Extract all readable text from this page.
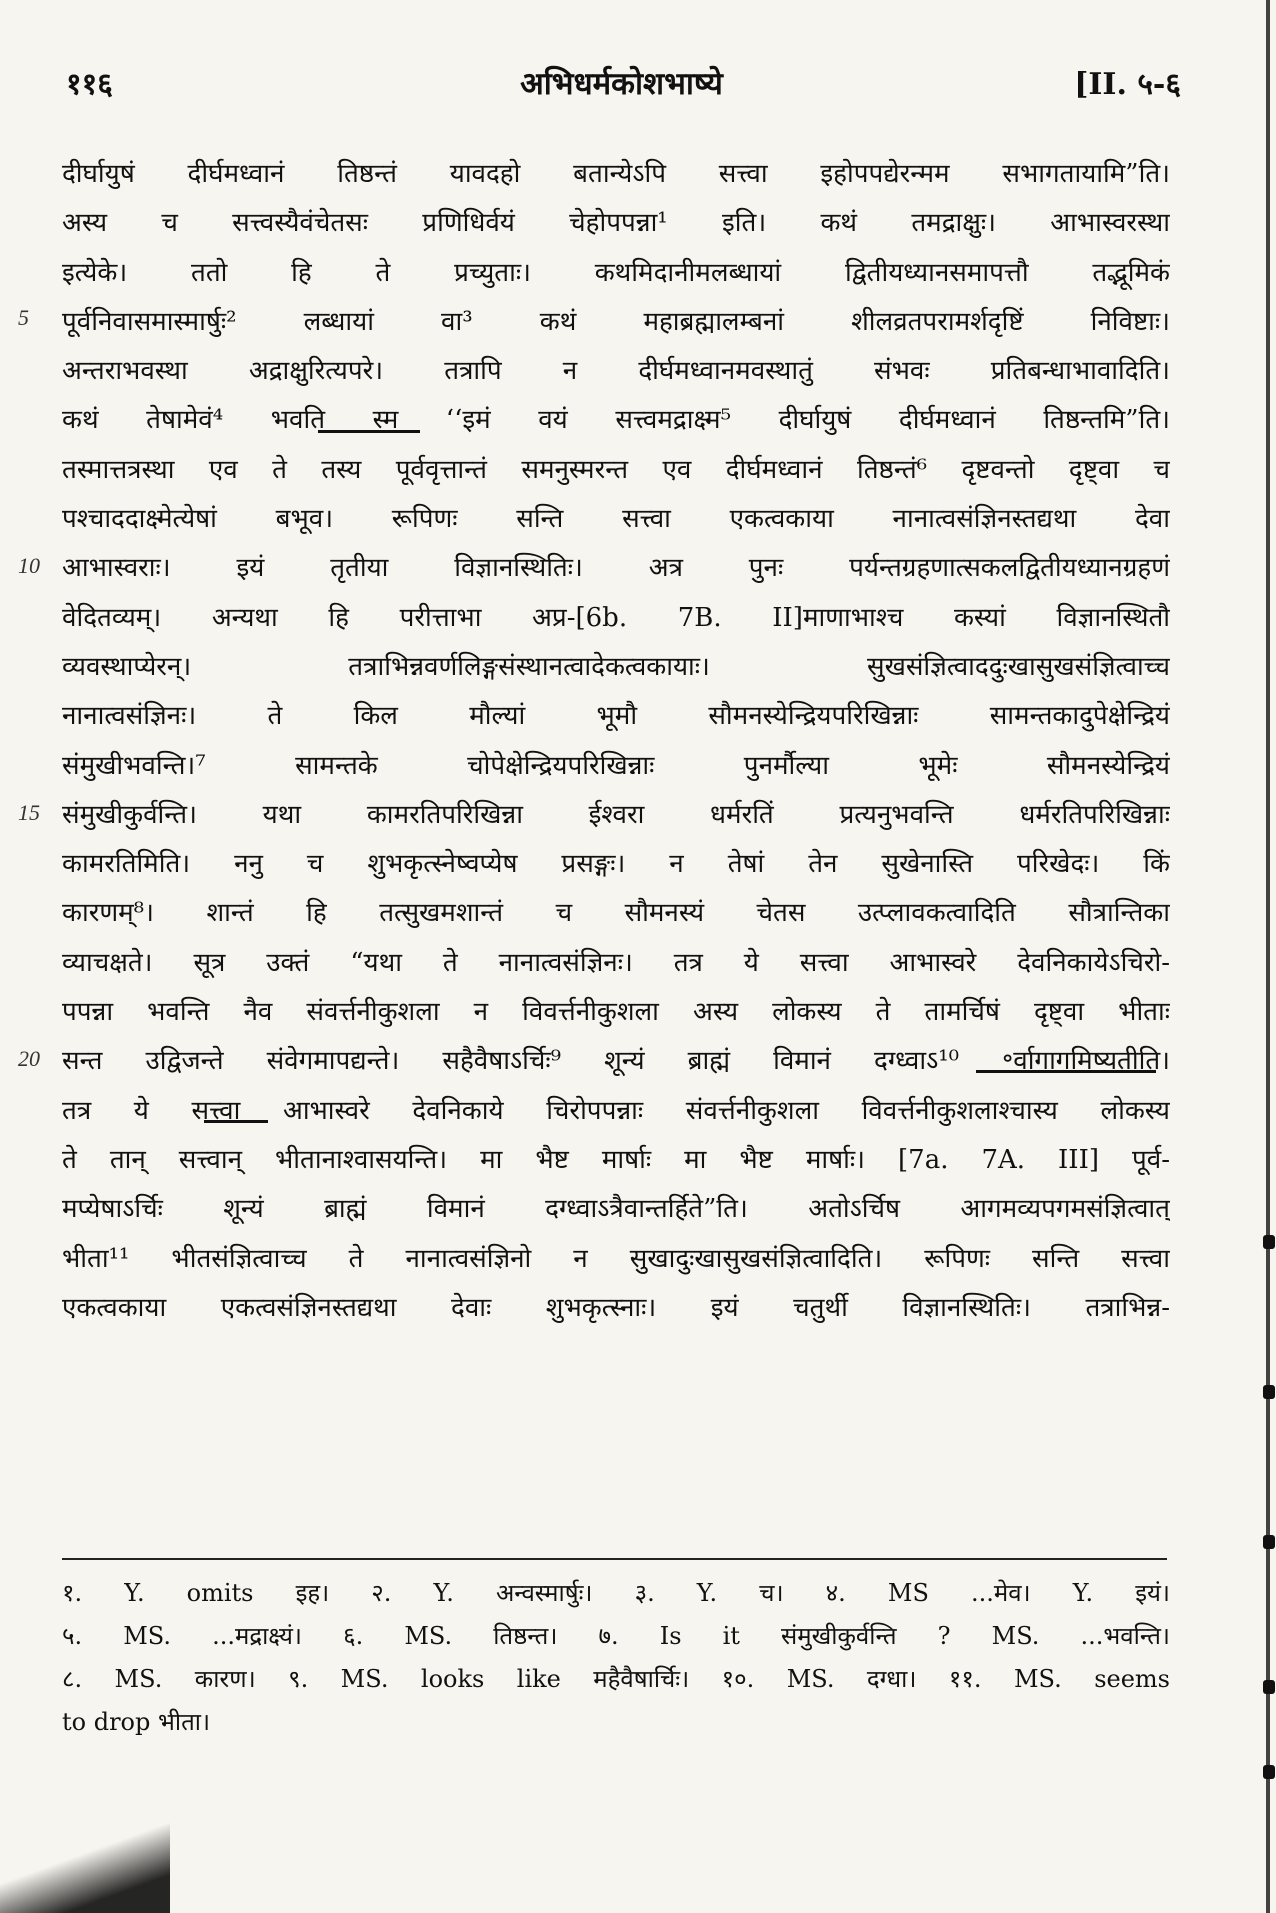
११६	अभिधर्मकोशभाष्ये	[II. ५-६
5
10
15
20
दीर्घायुषं दीर्घमध्वानं तिष्ठन्तं यावदहो बतान्येऽपि सत्त्वा इहोपपद्येरन्मम सभागतायामि”ति।
अस्य च सत्त्वस्यैवंचेतसः प्रणिधिर्वयं चेहोपपन्ना¹ इति। कथं तमद्राक्षुः। आभास्वरस्था
इत्येके। ततो हि ते प्रच्युताः। कथमिदानीमलब्धायां द्वितीयध्यानसमापत्तौ तद्भूमिकं
पूर्वनिवासमास्मार्षुः² लब्धायां वा³ कथं महाब्रह्मालम्बनां शीलव्रतपरामर्शदृष्टिं निविष्टाः।
अन्तराभवस्था अद्राक्षुरित्यपरे। तत्रापि न दीर्घमध्वानमवस्थातुं संभवः प्रतिबन्धाभावादिति।
कथं तेषामेवं⁴ भवति स्म ‘‘इमं वयं सत्त्वमद्राक्ष्म⁵ दीर्घायुषं दीर्घमध्वानं तिष्ठन्तमि”ति।
तस्मात्तत्रस्था एव ते तस्य पूर्ववृत्तान्तं समनुस्मरन्त एव दीर्घमध्वानं तिष्ठन्तं⁶ दृष्टवन्तो दृष्ट्वा च
पश्चाददाक्ष्मेत्येषां बभूव। रूपिणः सन्ति सत्त्वा एकत्वकाया नानात्वसंज्ञिनस्तद्यथा देवा
आभास्वराः। इयं तृतीया विज्ञानस्थितिः। अत्र पुनः पर्यन्तग्रहणात्सकलद्वितीयध्यानग्रहणं
वेदितव्यम्। अन्यथा हि परीत्ताभा अप्र-[6b. 7B. II]माणाभाश्च कस्यां विज्ञानस्थितौ
व्यवस्थाप्येरन्। तत्राभिन्नवर्णलिङ्गसंस्थानत्वादेकत्वकायाः। सुखसंज्ञित्वाददुःखासुखसंज्ञित्वाच्च
नानात्वसंज्ञिनः। ते किल मौल्यां भूमौ सौमनस्येन्द्रियपरिखिन्नाः सामन्तकादुपेक्षेन्द्रियं
संमुखीभवन्ति।⁷ सामन्तके चोपेक्षेन्द्रियपरिखिन्नाः पुनर्मौल्या भूमेः सौमनस्येन्द्रियं
संमुखीकुर्वन्ति। यथा कामरतिपरिखिन्ना ईश्वरा धर्मरतिं प्रत्यनुभवन्ति धर्मरतिपरिखिन्नाः
कामरतिमिति। ननु च शुभकृत्स्नेष्वप्येष प्रसङ्गः। न तेषां तेन सुखेनास्ति परिखेदः। किं
कारणम्⁸। शान्तं हि तत्सुखमशान्तं च सौमनस्यं चेतस उत्प्लावकत्वादिति सौत्रान्तिका
व्याचक्षते। सूत्र उक्तं “यथा ते नानात्वसंज्ञिनः। तत्र ये सत्त्वा आभास्वरे देवनिकायेऽचिरो-
पपन्ना भवन्ति नैव संवर्त्तनीकुशला न विवर्त्तनीकुशला अस्य लोकस्य ते तामर्चिषं दृष्ट्वा भीताः
सन्त उद्विजन्ते संवेगमापद्यन्ते। सहैवैषाऽर्चिः⁹ शून्यं ब्राह्मं विमानं दग्ध्वाऽ¹⁰ ॰र्वागागमिष्यतीति।
तत्र ये सत्त्वा आभास्वरे देवनिकाये चिरोपपन्नाः संवर्त्तनीकुशला विवर्त्तनीकुशलाश्चास्य लोकस्य
ते तान् सत्त्वान् भीतानाश्वासयन्ति। मा भैष्ट मार्षाः मा भैष्ट मार्षाः। [7a. 7A. III] पूर्व-
मप्येषाऽर्चिः शून्यं ब्राह्मं विमानं दग्ध्वाऽत्रैवान्तर्हिते”ति। अतोऽर्चिष आगमव्यपगमसंज्ञित्वात्
भीता¹¹ भीतसंज्ञित्वाच्च ते नानात्वसंज्ञिनो न सुखादुःखासुखसंज्ञित्वादिति। रूपिणः सन्ति सत्त्वा
एकत्वकाया एकत्वसंज्ञिनस्तद्यथा देवाः शुभकृत्स्नाः। इयं चतुर्थी विज्ञानस्थितिः। तत्राभिन्न-
१. Y. omits इह। २. Y. अन्वस्मार्षुः। ३. Y. च। ४. MS ...मेव। Y. इयं।
५. MS. ...मद्राक्ष्यं। ६. MS. तिष्ठन्त। ७. Is it संमुखीकुर्वन्ति ? MS. ...भवन्ति।
८. MS. कारण। ९. MS. looks like महैवैषार्चिः। १०. MS. दग्धा। ११. MS. seems
to drop भीता।
